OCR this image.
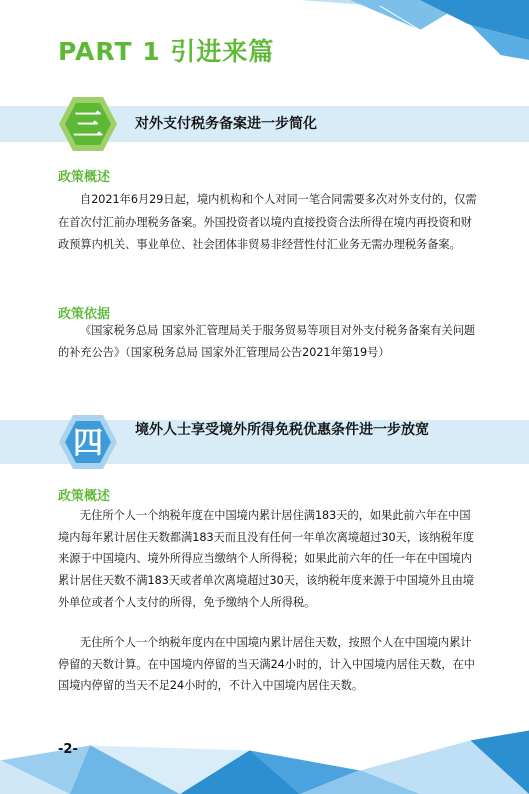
PART 1 引进来篇
三 对外支付税务备案进一步简化
政策概述
自2021年6月29日起，境内机构和个人对同一笔合同需要多次对外支付的，仅需在首次付汇前办理税务备案。外国投资者以境内直接投资合法所得在境内再投资和财政预算内机关、事业单位、社会团体非贸易非经营性付汇业务无需办理税务备案。
政策依据
《国家税务总局 国家外汇管理局关于服务贸易等项目对外支付税务备案有关问题的补充公告》（国家税务总局 国家外汇管理局公告2021年第19号）
四 境外人士享受境外所得免税优惠条件进一步放宽
政策概述
无住所个人一个纳税年度在中国境内累计居住满183天的，如果此前六年在中国境内每年累计居住天数都满183天而且没有任何一年单次离境超过30天，该纳税年度来源于中国境内、境外所得应当缴纳个人所得税；如果此前六年的任一年在中国境内累计居住天数不满183天或者单次离境超过30天，该纳税年度来源于中国境外且由境外单位或者个人支付的所得，免予缴纳个人所得税。
无住所个人一个纳税年度内在中国境内累计居住天数，按照个人在中国境内累计停留的天数计算。在中国境内停留的当天满24小时的，计入中国境内居住天数，在中国境内停留的当天不足24小时的，不计入中国境内居住天数。
-2-
